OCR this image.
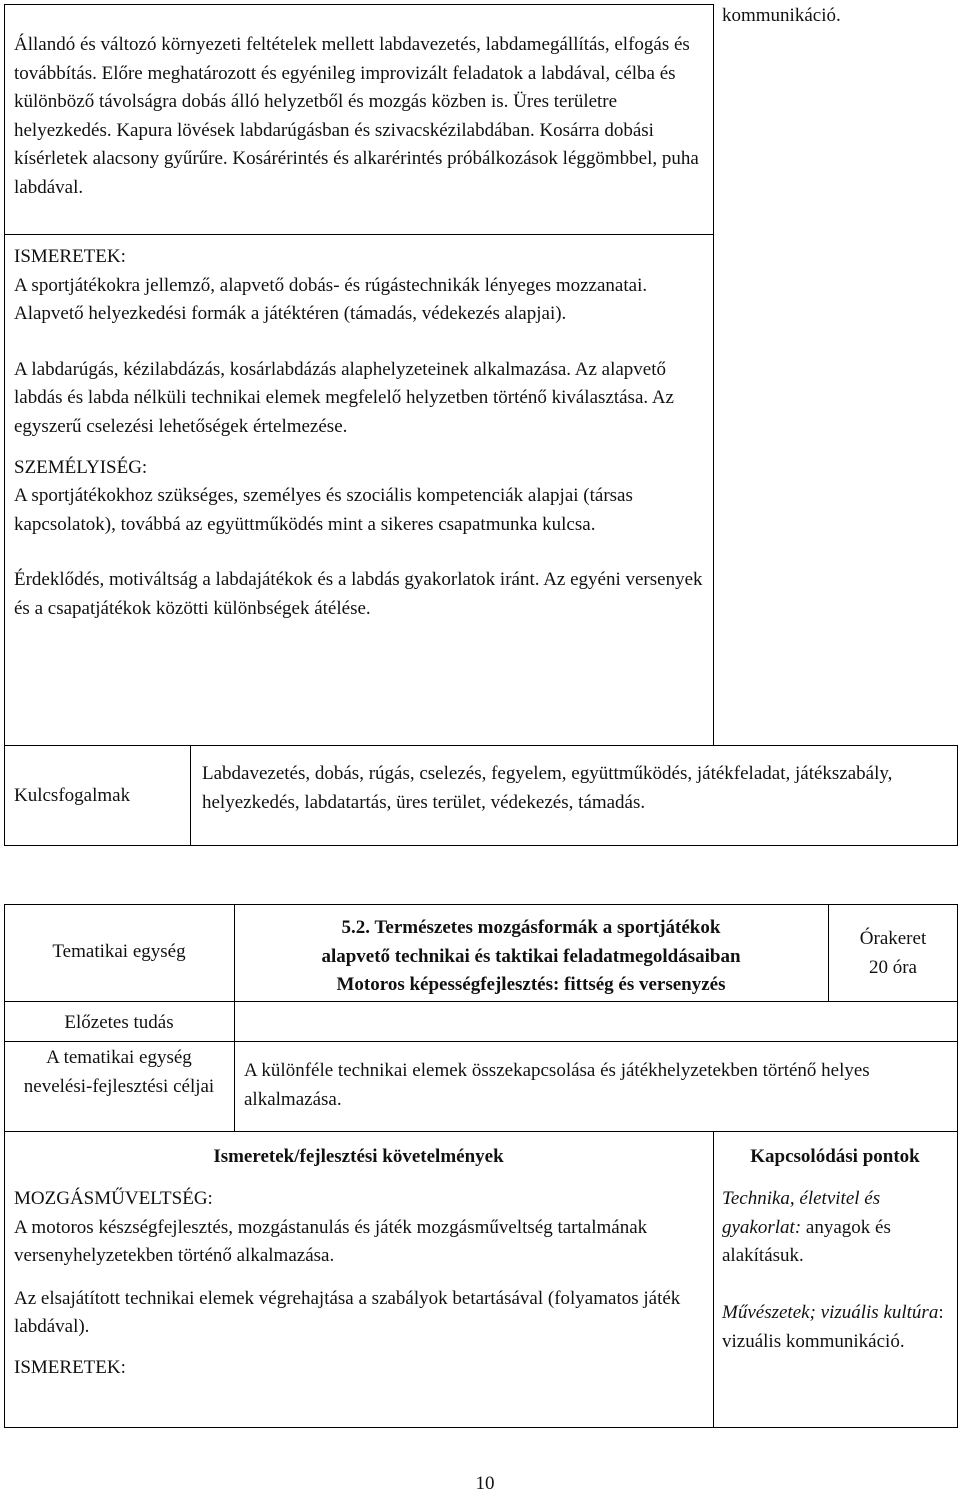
Állandó és változó környezeti feltételek mellett labdavezetés, labdamegállítás, elfogás és továbbítás. Előre meghatározott és egyénileg improvizált feladatok a labdával, célba és különböző távolságra dobás álló helyzetből és mozgás közben is. Üres területre helyezkedés. Kapura lövések labdarúgásban és szivacskézilabdában. Kosárra dobási kísérletek alacsony gyűrűre. Kosárérintés és alkarérintés próbálkozások léggömbbel, puha labdával.

kommunikáció.

ISMERETEK:

A sportjátékokra jellemző, alapvető dobás- és rúgástechnikák lényeges mozzanatai. Alapvető helyezkedési formák a játéktéren (támadás, védekezés alapjai).

A labdarúgás, kézilabdázás, kosárlabdázás alaphelyzeteinek alkalmazása. Az alapvető labdás és labda nélküli technikai elemek megfelelő helyzetben történő kiválasztása. Az egyszerű cselezési lehetőségek értelmezése.

SZEMÉLYISÉG:

A sportjátékokhoz szükséges, személyes és szociális kompetenciák alapjai (társas kapcsolatok), továbbá az együttműködés mint a sikeres csapatmunka kulcsa.

Érdeklődés, motiváltság a labdajátékok és a labdás gyakorlatok iránt. Az egyéni versenyek és a csapatjátékok közötti különbségek átélése.

Kulcsfogalmak

Labdavezetés, dobás, rúgás, cselezés, fegyelem, együttműködés, játékfeladat, játékszabály, helyezkedés, labdatartás, üres terület, védekezés, támadás.

Tematikai egység

5.2. Természetes mozgásformák a sportjátékok

alapvető technikai és taktikai feladatmegoldásaiban

Motoros képességfejlesztés: fittség és versenyzés

Órakeret

20 óra

Előzetes tudás

A tematikai egység nevelési-fejlesztési céljai

A különféle technikai elemek összekapcsolása és játékhelyzetekben történő helyes alkalmazása.

Ismeretek/fejlesztési követelmények	Kapcsolódási pontok

MOZGÁSMŰVELTSÉG:

A motoros készségfejlesztés, mozgástanulás és játék mozgásműveltség tartalmának versenyhelyzetekben történő alkalmazása.

Az elsajátított technikai elemek végrehajtása a szabályok betartásával (folyamatos játék labdával).

ISMERETEK:

Technika, életvitel és gyakorlat: anyagok és alakításuk.

Művészetek; vizuális kultúra: vizuális kommunikáció.

10
